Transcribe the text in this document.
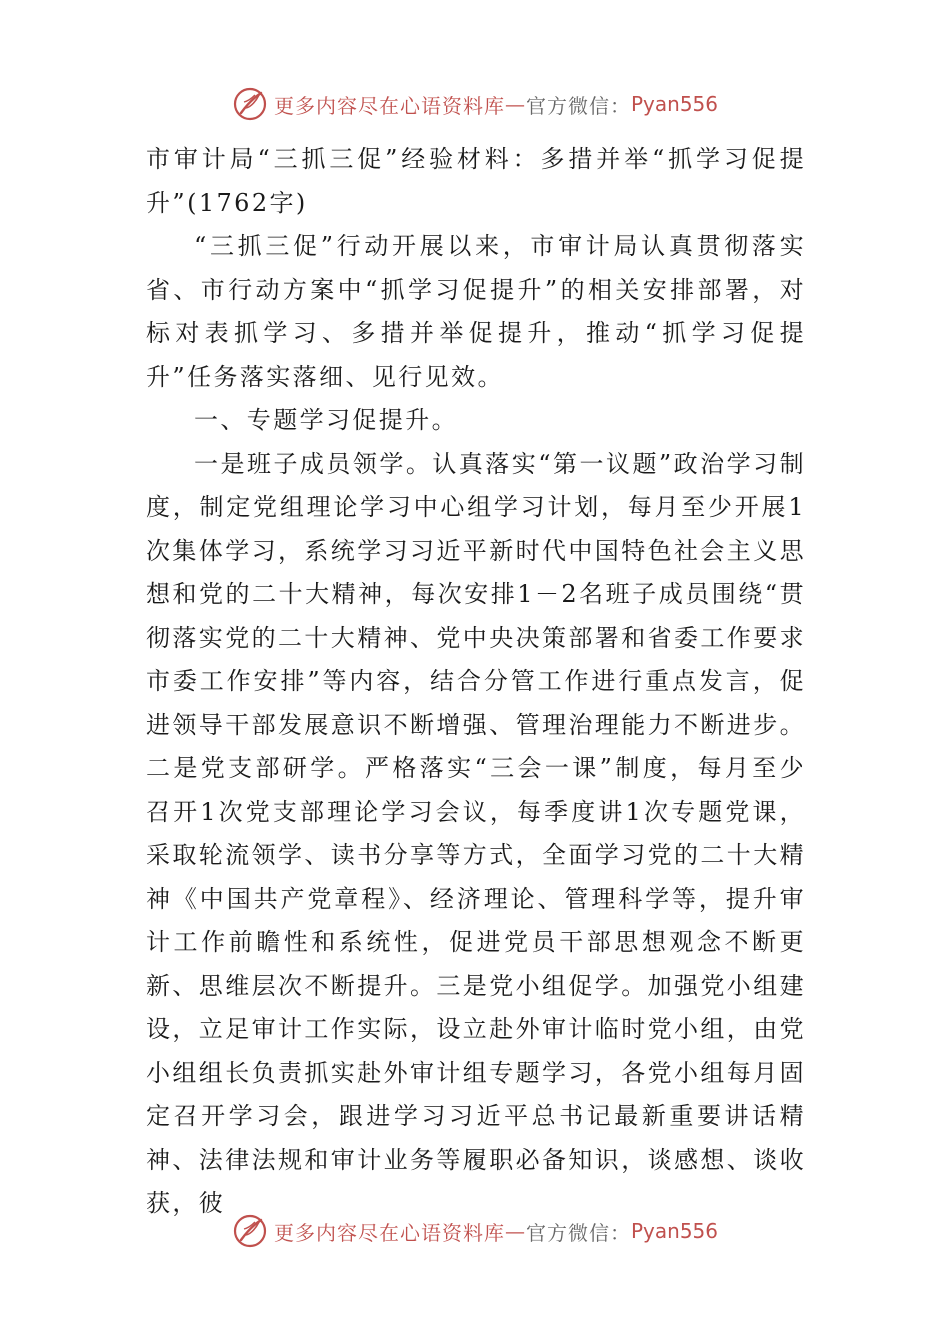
更多内容尽在心语资料库 — 官方微信： Pyan556

市审计局“三抓三促”经验材料：多措并举“抓学习促提升”(1762字)

“三抓三促”行动开展以来，市审计局认真贯彻落实省、市行动方案中“抓学习促提升”的相关安排部署，对标对表抓学习、多措并举促提升，推动“抓学习促提升”任务落实落细、见行见效。

一、专题学习促提升。

一是班子成员领学。认真落实“第一议题”政治学习制度，制定党组理论学习中心组学习计划，每月至少开展1次集体学习，系统学习习近平新时代中国特色社会主义思想和党的二十大精神，每次安排1－2名班子成员围绕“贯彻落实党的二十大精神、党中央决策部署和省委工作要求市委工作安排”等内容，结合分管工作进行重点发言，促进领导干部发展意识不断增强、管理治理能力不断进步。二是党支部研学。严格落实“三会一课”制度，每月至少召开1次党支部理论学习会议，每季度讲1次专题党课，采取轮流领学、读书分享等方式，全面学习党的二十大精神《中国共产党章程》、经济理论、管理科学等，提升审计工作前瞻性和系统性，促进党员干部思想观念不断更新、思维层次不断提升。三是党小组促学。加强党小组建设，立足审计工作实际，设立赴外审计临时党小组，由党小组组长负责抓实赴外审计组专题学习，各党小组每月固定召开学习会，跟进学习习近平总书记最新重要讲话精神、法律法规和审计业务等履职必备知识，谈感想、谈收获，彼

更多内容尽在心语资料库 — 官方微信： Pyan556
